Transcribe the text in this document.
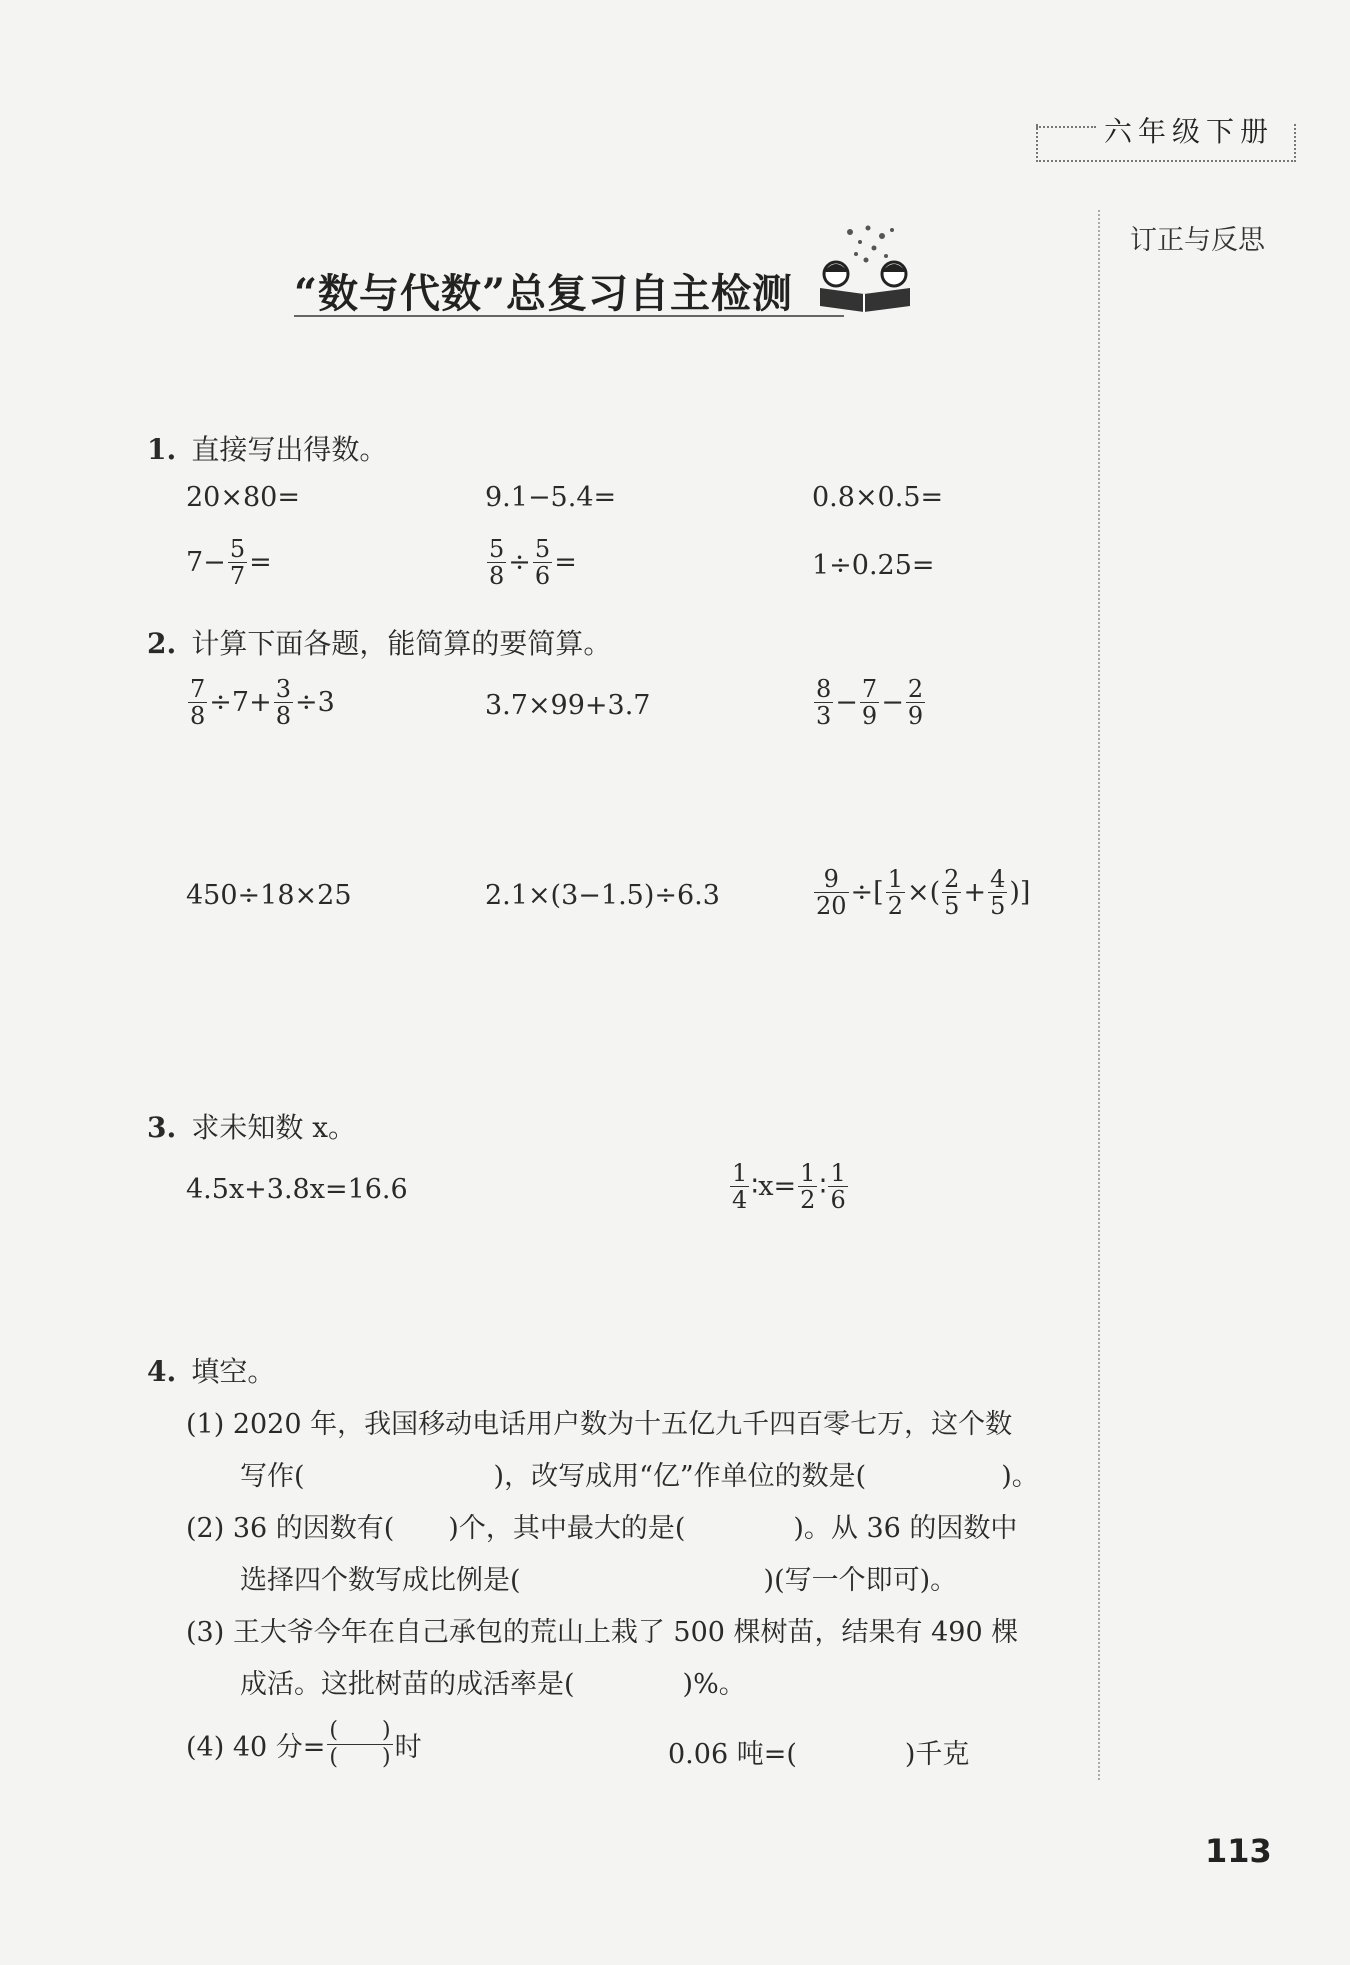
六年级下册
订正与反思
“数与代数”总复习自主检测
1. 直接写出得数。
20×80=	9.1−5.4=	0.8×0.5=
$7- \frac{5}{7}$ =	$\frac{5}{8} \div \frac{5}{6}$ =	1÷0.25=
2. 计算下面各题，能简算的要简算。
$\frac{7}{8} \div 7+ \frac{3}{8} \div 3$	3.7×99+3.7	$\frac{8}{3} - \frac{7}{9} - \frac{2}{9}$
450÷18×25	2.1×(3−1.5)÷6.3	$\frac{9}{20}$ ÷[ $\frac{1}{2}$ ×( $\frac{2}{5} + \frac{4}{5}$ )]
3. 求未知数 x。
4.5x+3.8x=16.6	$\frac{1}{4}$ ∶x= $\frac{1}{2}$ ∶ $\frac{1}{6}$
4. 填空。
(1) 2020 年，我国移动电话用户数为十五亿九千四百零七万，这个数
写作(　　　　　　　)，改写成用“亿”作单位的数是(　　　　　)。
(2) 36 的因数有(　　)个，其中最大的是(　　　　)。从 36 的因数中
选择四个数写成比例是(　　　　　　　　　)(写一个即可)。
(3) 王大爷今年在自己承包的荒山上栽了 500 棵树苗，结果有 490 棵
成活。这批树苗的成活率是(　　　　)%。
(4) 40 分= $\frac{( )}{( )}$ 时	0.06 吨=(　　　　)千克
113
